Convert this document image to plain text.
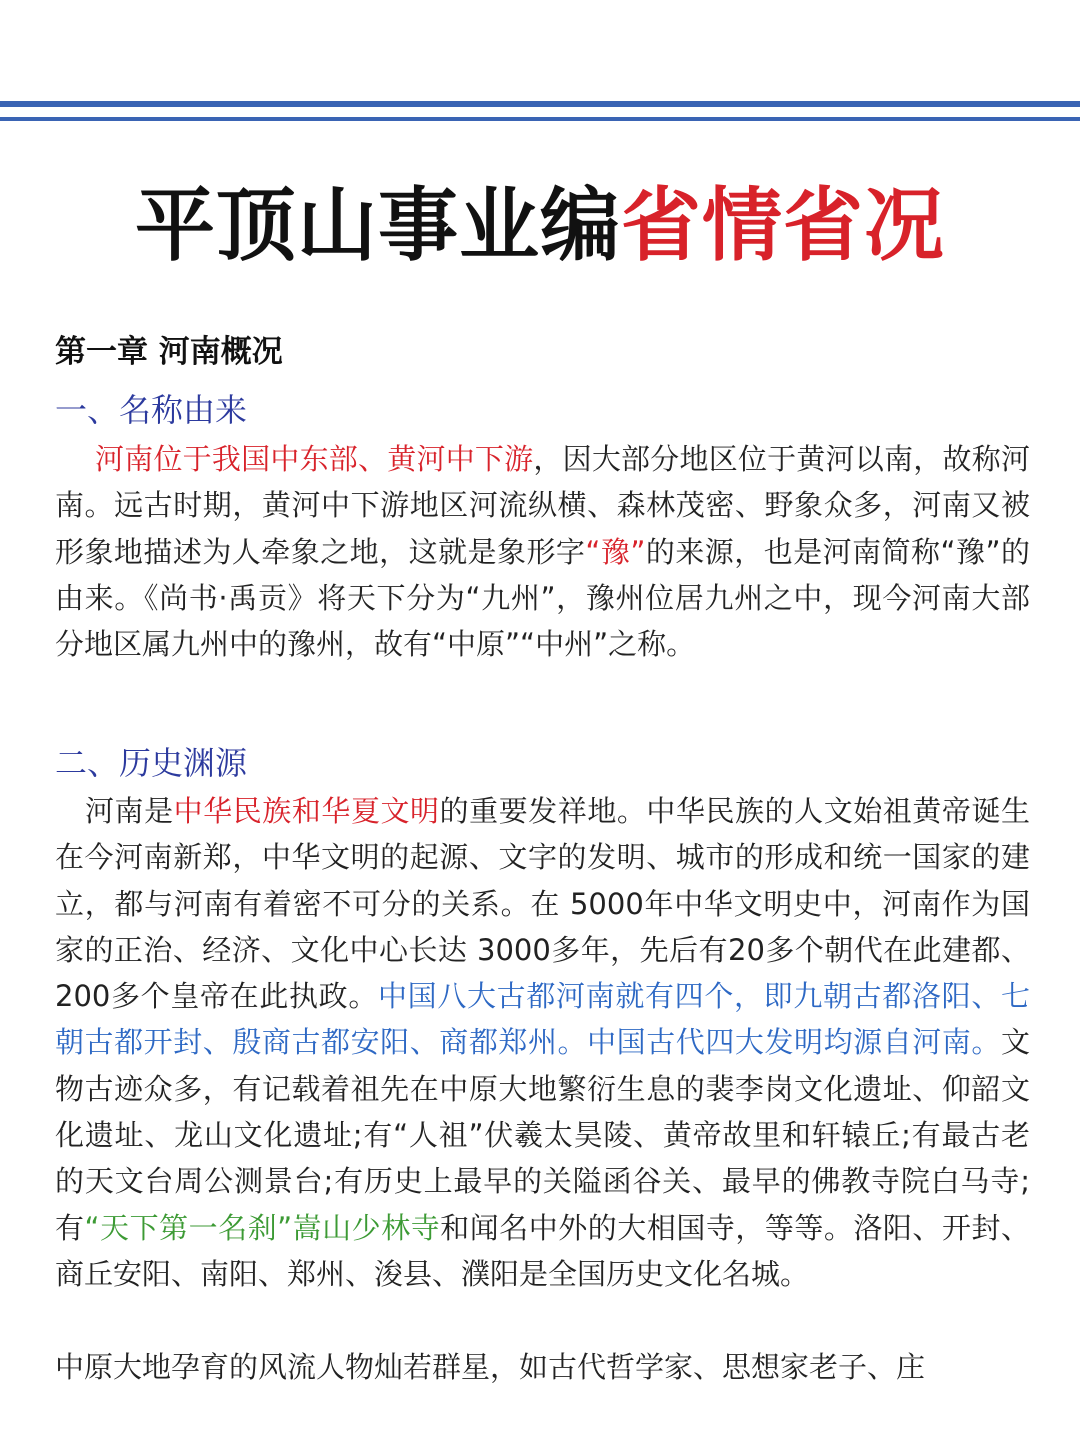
平顶山事业编省情省况
第一章 河南概况
一、名称由来

河南位于我国中东部、黄河中下游，因大部分地区位于黄河以南，故称河南。远古时期，黄河中下游地区河流纵横、森林茂密、野象众多，河南又被形象地描述为人牵象之地，这就是象形字“豫”的来源，也是河南简称“豫”的由来。《尚书·禹贡》将天下分为“九州”，豫州位居九州之中，现今河南大部分地区属九州中的豫州，故有“中原”“中州”之称。

二、历史渊源

河南是中华民族和华夏文明的重要发祥地。中华民族的人文始祖黄帝诞生在今河南新郑，中华文明的起源、文字的发明、城市的形成和统一国家的建立，都与河南有着密不可分的关系。在 5000年中华文明史中，河南作为国家的正治、经济、文化中心长达 3000多年，先后有20多个朝代在此建都、200多个皇帝在此执政。中国八大古都河南就有四个，即九朝古都洛阳、七朝古都开封、殷商古都安阳、商都郑州。中国古代四大发明均源自河南。文物古迹众多，有记载着祖先在中原大地繁衍生息的裴李岗文化遗址、仰韶文化遗址、龙山文化遗址;有“人祖”伏羲太昊陵、黄帝故里和轩辕丘;有最古老的天文台周公测景台;有历史上最早的关隘函谷关、最早的佛教寺院白马寺;有“天下第一名刹”嵩山少林寺和闻名中外的大相国寺，等等。洛阳、开封、商丘安阳、南阳、郑州、浚县、濮阳是全国历史文化名城。

中原大地孕育的风流人物灿若群星，如古代哲学家、思想家老子、庄
